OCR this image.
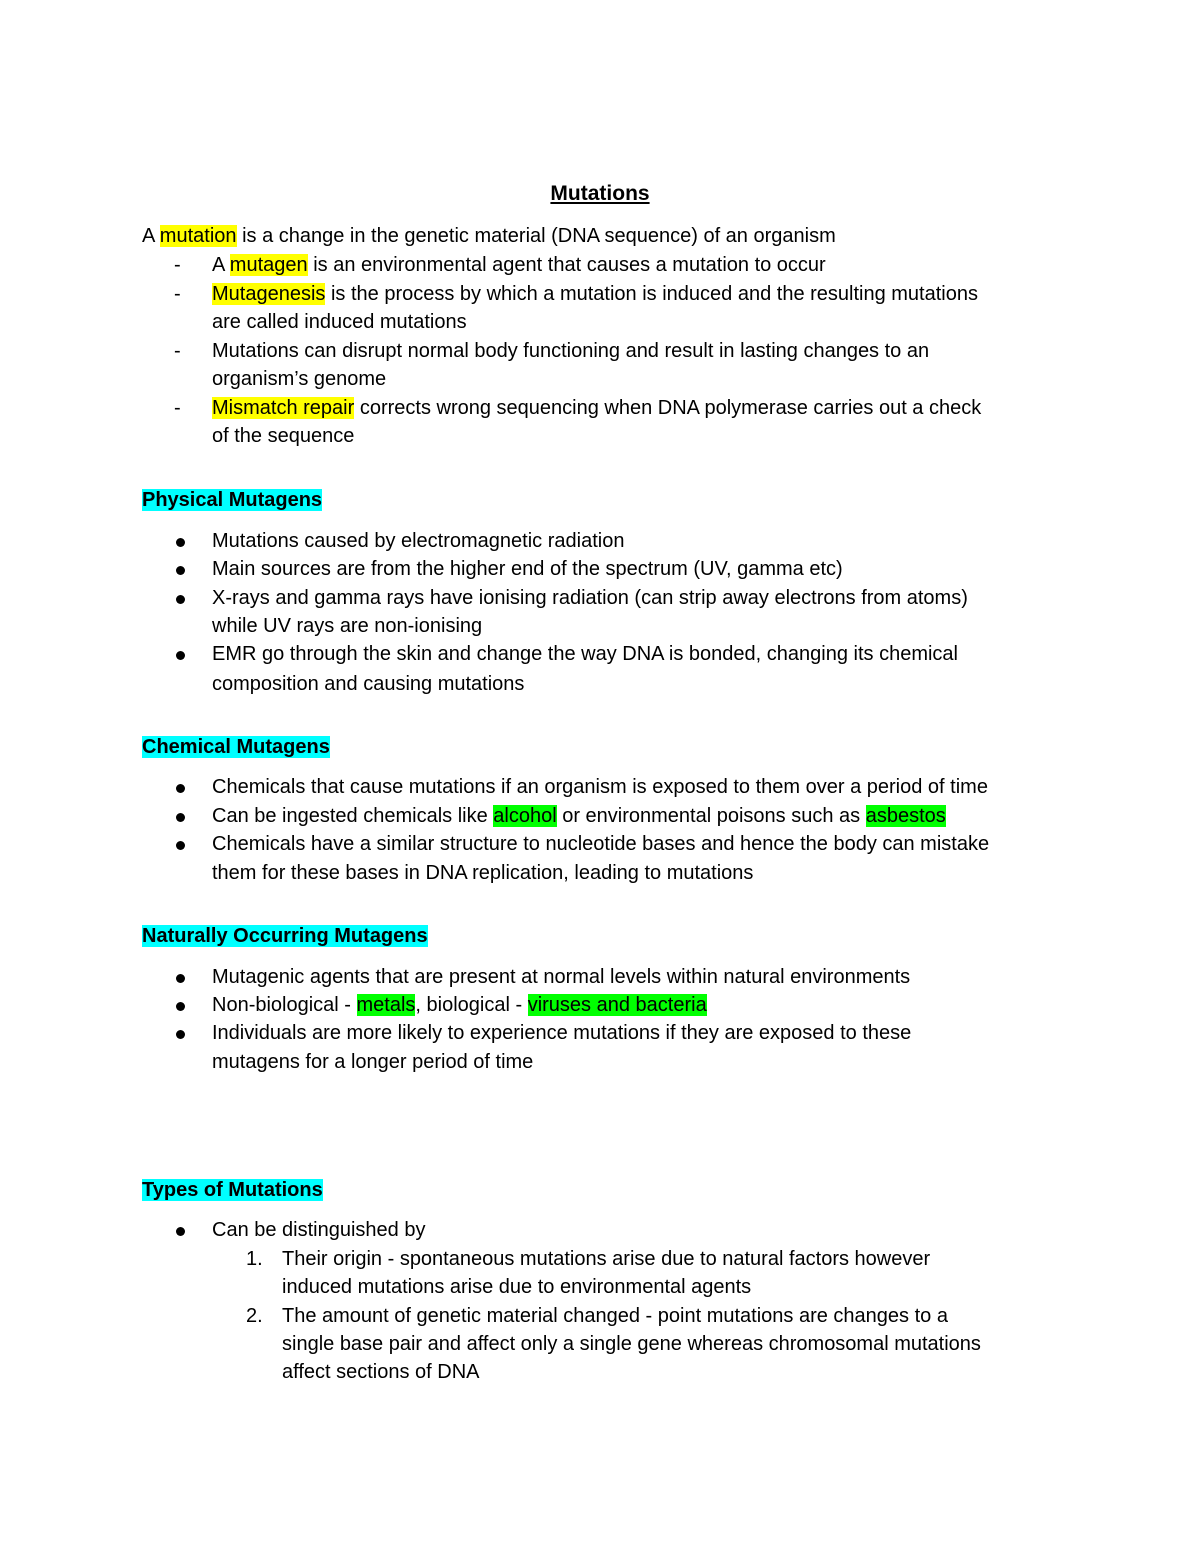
Mutations
A mutation is a change in the genetic material (DNA sequence) of an organism
- A mutagen is an environmental agent that causes a mutation to occur
- Mutagenesis is the process by which a mutation is induced and the resulting mutations
are called induced mutations
- Mutations can disrupt normal body functioning and result in lasting changes to an
organism’s genome
- Mismatch repair corrects wrong sequencing when DNA polymerase carries out a check
of the sequence
Physical Mutagens
Mutations caused by electromagnetic radiation
Main sources are from the higher end of the spectrum (UV, gamma etc)
X-rays and gamma rays have ionising radiation (can strip away electrons from atoms)
while UV rays are non-ionising
EMR go through the skin and change the way DNA is bonded, changing its chemical
composition and causing mutations
Chemical Mutagens
Chemicals that cause mutations if an organism is exposed to them over a period of time
Can be ingested chemicals like alcohol or environmental poisons such as asbestos
Chemicals have a similar structure to nucleotide bases and hence the body can mistake
them for these bases in DNA replication, leading to mutations
Naturally Occurring Mutagens
Mutagenic agents that are present at normal levels within natural environments
Non-biological - metals, biological - viruses and bacteria
Individuals are more likely to experience mutations if they are exposed to these
mutagens for a longer period of time
Types of Mutations
Can be distinguished by
1. Their origin - spontaneous mutations arise due to natural factors however
induced mutations arise due to environmental agents
2. The amount of genetic material changed - point mutations are changes to a
single base pair and affect only a single gene whereas chromosomal mutations
affect sections of DNA
